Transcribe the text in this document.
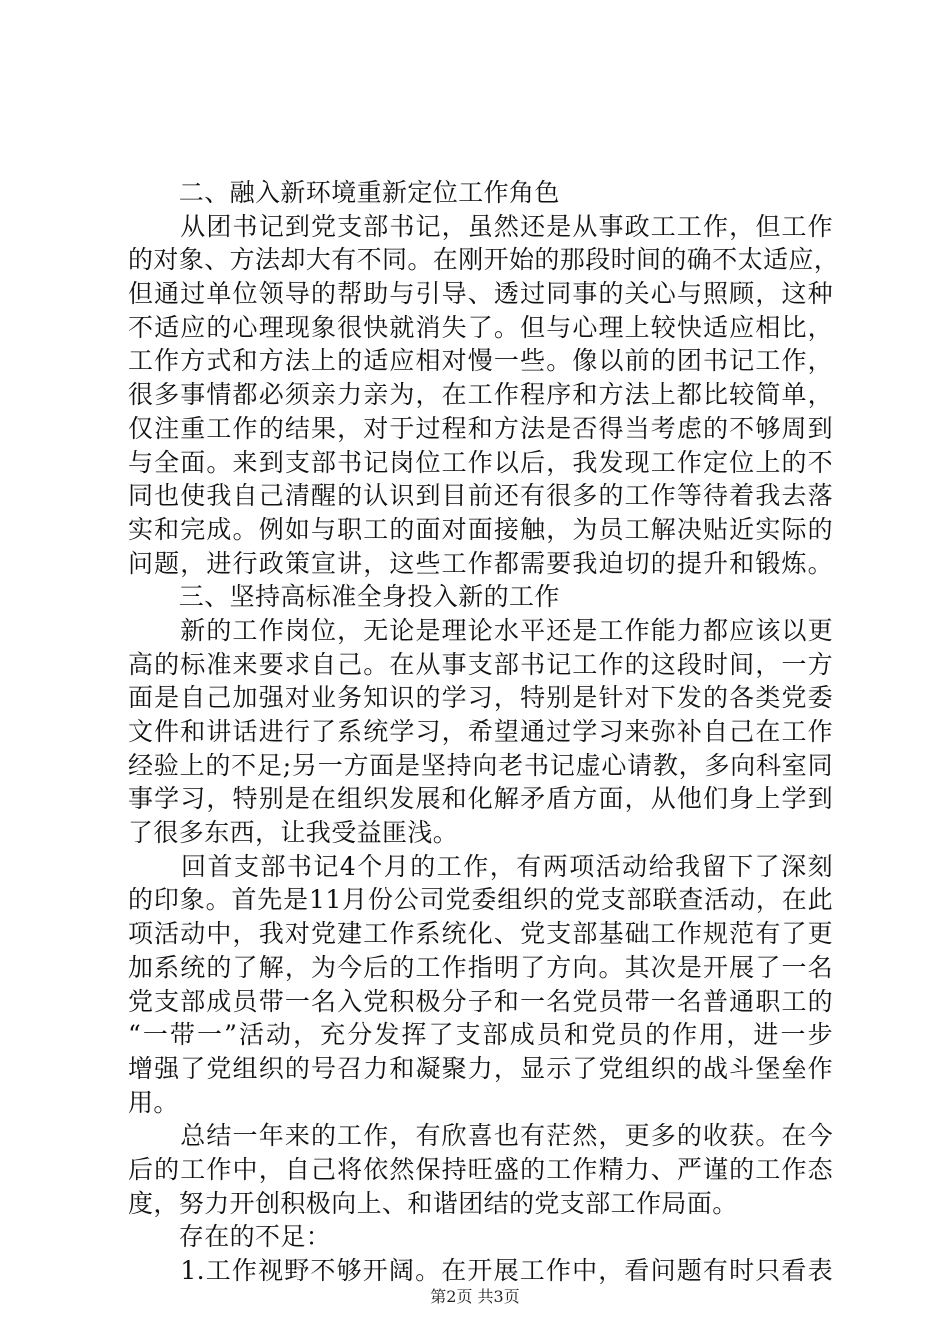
　　二、融入新环境重新定位工作角色
　　从团书记到党支部书记，虽然还是从事政工工作，但工作
的对象、方法却大有不同。在刚开始的那段时间的确不太适应，
但通过单位领导的帮助与引导、透过同事的关心与照顾，这种
不适应的心理现象很快就消失了。但与心理上较快适应相比，
工作方式和方法上的适应相对慢一些。像以前的团书记工作，
很多事情都必须亲力亲为，在工作程序和方法上都比较简单，
仅注重工作的结果，对于过程和方法是否得当考虑的不够周到
与全面。来到支部书记岗位工作以后，我发现工作定位上的不
同也使我自己清醒的认识到目前还有很多的工作等待着我去落
实和完成。例如与职工的面对面接触，为员工解决贴近实际的
问题，进行政策宣讲，这些工作都需要我迫切的提升和锻炼。
　　三、坚持高标准全身投入新的工作
　　新的工作岗位，无论是理论水平还是工作能力都应该以更
高的标准来要求自己。在从事支部书记工作的这段时间，一方
面是自己加强对业务知识的学习，特别是针对下发的各类党委
文件和讲话进行了系统学习，希望通过学习来弥补自己在工作
经验上的不足;另一方面是坚持向老书记虚心请教，多向科室同
事学习，特别是在组织发展和化解矛盾方面，从他们身上学到
了很多东西，让我受益匪浅。
　　回首支部书记4个月的工作，有两项活动给我留下了深刻
的印象。首先是11月份公司党委组织的党支部联查活动，在此
项活动中，我对党建工作系统化、党支部基础工作规范有了更
加系统的了解，为今后的工作指明了方向。其次是开展了一名
党支部成员带一名入党积极分子和一名党员带一名普通职工的
“一带一”活动，充分发挥了支部成员和党员的作用，进一步
增强了党组织的号召力和凝聚力，显示了党组织的战斗堡垒作
用。
　　总结一年来的工作，有欣喜也有茫然，更多的收获。在今
后的工作中，自己将依然保持旺盛的工作精力、严谨的工作态
度，努力开创积极向上、和谐团结的党支部工作局面。
　　存在的不足：
　　1.工作视野不够开阔。在开展工作中，看问题有时只看表
第2页 共3页
